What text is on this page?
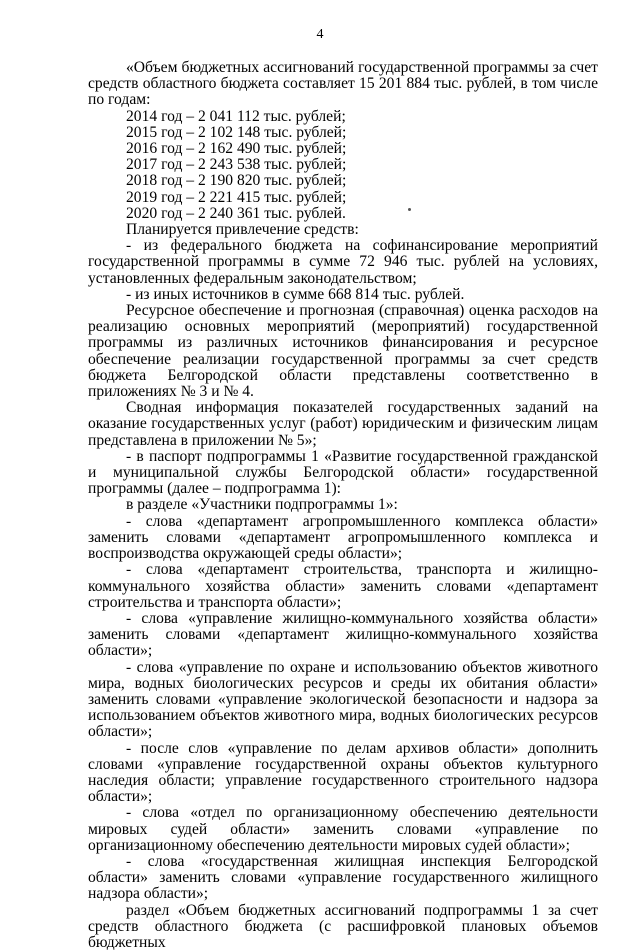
4

«Объем бюджетных ассигнований государственной программы за счет средств областного бюджета составляет 15 201 884 тыс. рублей, в том числе по годам:

2014 год – 2 041 112 тыс. рублей;

2015 год – 2 102 148 тыс. рублей;

2016 год – 2 162 490 тыс. рублей;

2017 год – 2 243 538 тыс. рублей;

2018 год – 2 190 820 тыс. рублей;

2019 год – 2 221 415 тыс. рублей;

2020 год – 2 240 361 тыс. рублей.

Планируется привлечение средств:

- из федерального бюджета на софинансирование мероприятий государственной программы в сумме 72 946 тыс. рублей на условиях, установленных федеральным законодательством;

- из иных источников в сумме 668 814 тыс. рублей.

Ресурсное обеспечение и прогнозная (справочная) оценка расходов на реализацию основных мероприятий (мероприятий) государственной программы из различных источников финансирования и ресурсное обеспечение реализации государственной программы за счет средств бюджета Белгородской области представлены соответственно в приложениях № 3 и № 4.

Сводная информация показателей государственных заданий на оказание государственных услуг (работ) юридическим и физическим лицам представлена в приложении № 5»;

- в паспорт подпрограммы 1 «Развитие государственной гражданской и муниципальной службы Белгородской области» государственной программы (далее – подпрограмма 1):

в разделе «Участники подпрограммы 1»:

- слова «департамент агропромышленного комплекса области» заменить словами «департамент агропромышленного комплекса и воспроизводства окружающей среды области»;

- слова «департамент строительства, транспорта и жилищно-коммунального хозяйства области» заменить словами «департамент строительства и транспорта области»;

- слова «управление жилищно-коммунального хозяйства области» заменить словами «департамент жилищно-коммунального хозяйства области»;

- слова «управление по охране и использованию объектов животного мира, водных биологических ресурсов и среды их обитания области» заменить словами «управление экологической безопасности и надзора за использованием объектов животного мира, водных биологических ресурсов области»;

- после слов «управление по делам архивов области» дополнить словами «управление государственной охраны объектов культурного наследия области; управление государственного строительного надзора области»;

- слова «отдел по организационному обеспечению деятельности мировых судей области» заменить словами «управление по организационному обеспечению деятельности мировых судей области»;

- слова «государственная жилищная инспекция Белгородской области» заменить словами «управление государственного жилищного надзора области»;

раздел «Объем бюджетных ассигнований подпрограммы 1 за счет средств областного бюджета (с расшифровкой плановых объемов бюджетных
